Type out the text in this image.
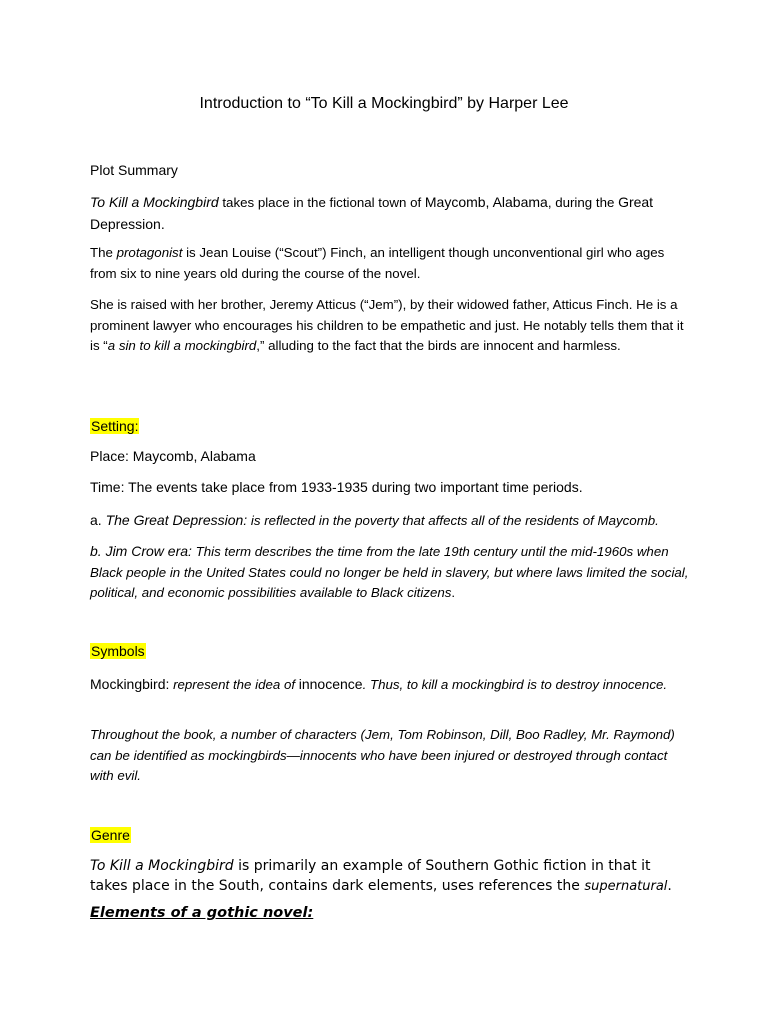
Introduction to “To Kill a Mockingbird” by Harper Lee
Plot Summary
To Kill a Mockingbird takes place in the fictional town of Maycomb, Alabama, during the Great Depression.
The protagonist is Jean Louise (“Scout”) Finch, an intelligent though unconventional girl who ages from six to nine years old during the course of the novel.
She is raised with her brother, Jeremy Atticus (“Jem”), by their widowed father, Atticus Finch. He is a prominent lawyer who encourages his children to be empathetic and just. He notably tells them that it is “a sin to kill a mockingbird,” alluding to the fact that the birds are innocent and harmless.
Setting:
Place: Maycomb, Alabama
Time: The events take place from 1933-1935 during two important time periods.
a. The Great Depression: is reflected in the poverty that affects all of the residents of Maycomb.
b. Jim Crow era: This term describes the time from the late 19th century until the mid-1960s when Black people in the United States could no longer be held in slavery, but where laws limited the social, political, and economic possibilities available to Black citizens.
Symbols
Mockingbird: represent the idea of innocence. Thus, to kill a mockingbird is to destroy innocence.
Throughout the book, a number of characters (Jem, Tom Robinson, Dill, Boo Radley, Mr. Raymond) can be identified as mockingbirds—innocents who have been injured or destroyed through contact with evil.
Genre
To Kill a Mockingbird is primarily an example of Southern Gothic fiction in that it takes place in the South, contains dark elements, uses references the supernatural.
Elements of a gothic novel:
